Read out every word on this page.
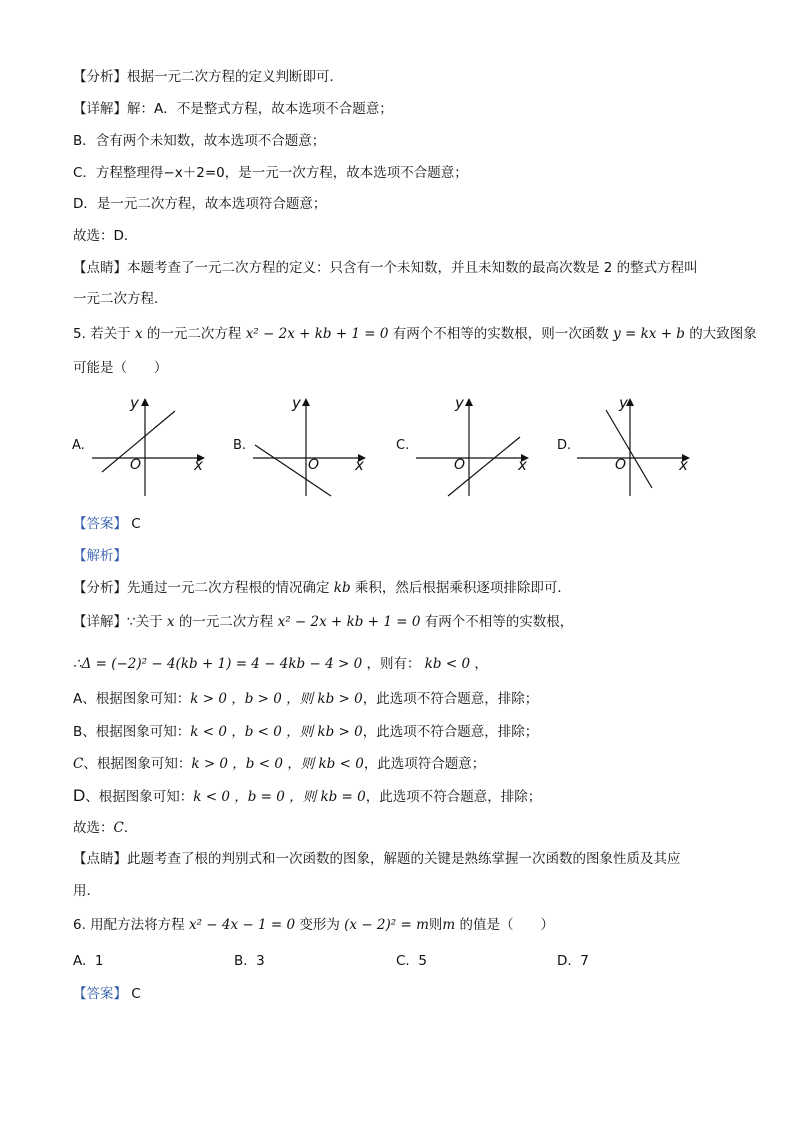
【分析】根据一元二次方程的定义判断即可．
【详解】解：A．不是整式方程，故本选项不合题意；
B．含有两个未知数，故本选项不合题意；
C．方程整理得−x＋2=0，是一元一次方程，故本选项不合题意；
D．是一元二次方程，故本选项符合题意；
故选：D．
【点睛】本题考查了一元二次方程的定义：只含有一个未知数，并且未知数的最高次数是 2 的整式方程叫
一元二次方程．
5. 若关于 x 的一元二次方程 x² − 2x + kb + 1 = 0 有两个不相等的实数根，则一次函数 y = kx + b 的大致图象
可能是（　　）
A.
y
O	x
B.
y
O x
C.
y
O	x
D.
y
O	x
【答案】 C
【解析】
【分析】先通过一元二次方程根的情况确定 kb 乘积，然后根据乘积逐项排除即可．
【详解】∵关于 x 的一元二次方程 x² − 2x + kb + 1 = 0 有两个不相等的实数根，
∴Δ = (−2)² − 4(kb + 1) = 4 − 4kb − 4 > 0 ，则有： kb < 0 ，
A、根据图象可知：k > 0 ，b > 0 ，则 kb > 0，此选项不符合题意，排除；
B、根据图象可知：k < 0 ，b < 0 ，则 kb > 0，此选项不符合题意，排除；
C、根据图象可知：k > 0 ，b < 0 ，则 kb < 0，此选项符合题意；
D、根据图象可知：k < 0 ，b = 0 ，则 kb = 0，此选项不符合题意，排除；
故选：C．
【点睛】此题考查了根的判别式和一次函数的图象，解题的关键是熟练掌握一次函数的图象性质及其应
用．
6. 用配方法将方程 x² − 4x − 1 = 0 变形为 (x − 2)² = m则m 的值是（　　）
A. 1	B. 3	C. 5	D. 7
【答案】 C
